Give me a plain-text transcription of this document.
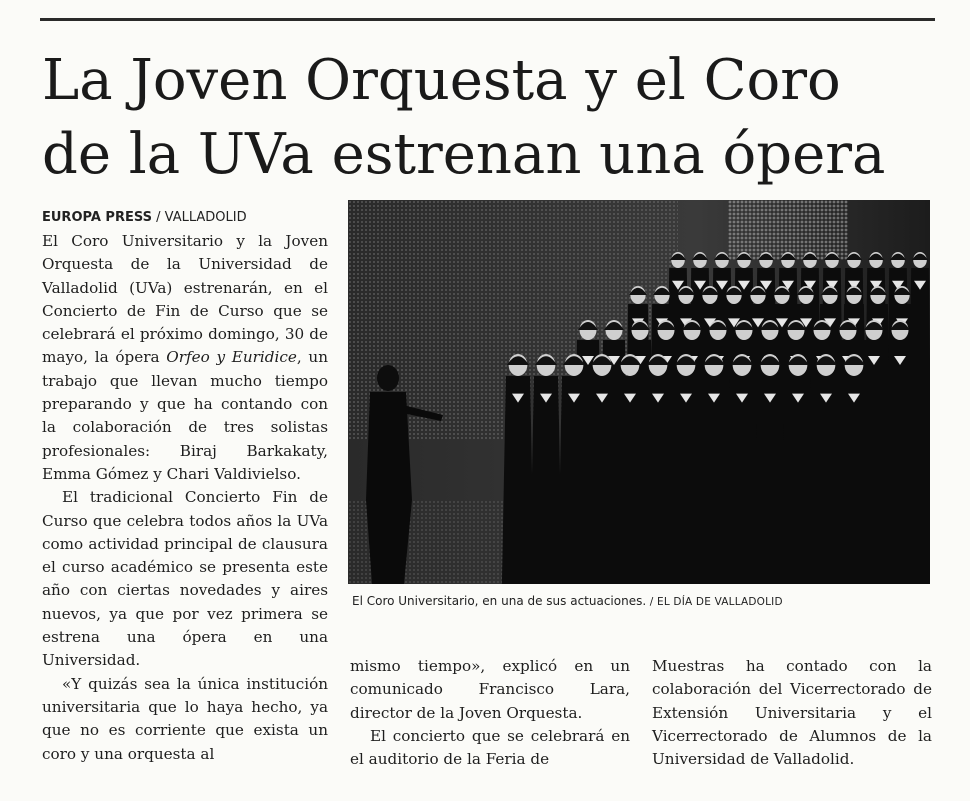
La Joven Orquesta y el Coro
de la UVa estrenan una ópera
EUROPA PRESS / VALLADOLID

El Coro Universitario y la Joven Orquesta de la Universidad de Valladolid (UVa) estrenarán, en el Concierto de Fin de Curso que se celebrará el próximo domingo, 30 de mayo, la ópera Orfeo y Euridice, un trabajo que llevan mucho tiempo preparando y que ha contando con la colaboración de tres solistas profesionales: Biraj Barkakaty, Emma Gómez y Chari Valdivielso.

El tradicional Concierto Fin de Curso que celebra todos años la UVa como actividad principal de clausura el curso académico se presenta este año con ciertas novedades y aires nuevos, ya que por vez primera se estrena una ópera en una Universidad.

«Y quizás sea la única institución universitaria que lo haya hecho, ya que no es corriente que exista un coro y una orquesta al

El Coro Universitario, en una de sus actuaciones. / EL DÍA DE VALLADOLID

mismo tiempo», explicó en un comunicado Francisco Lara, director de la Joven Orquesta.

El concierto que se celebrará en el auditorio de la Feria de

Muestras ha contado con la colaboración del Vicerrectorado de Extensión Universitaria y el Vicerrectorado de Alumnos de la Universidad de Valladolid.
